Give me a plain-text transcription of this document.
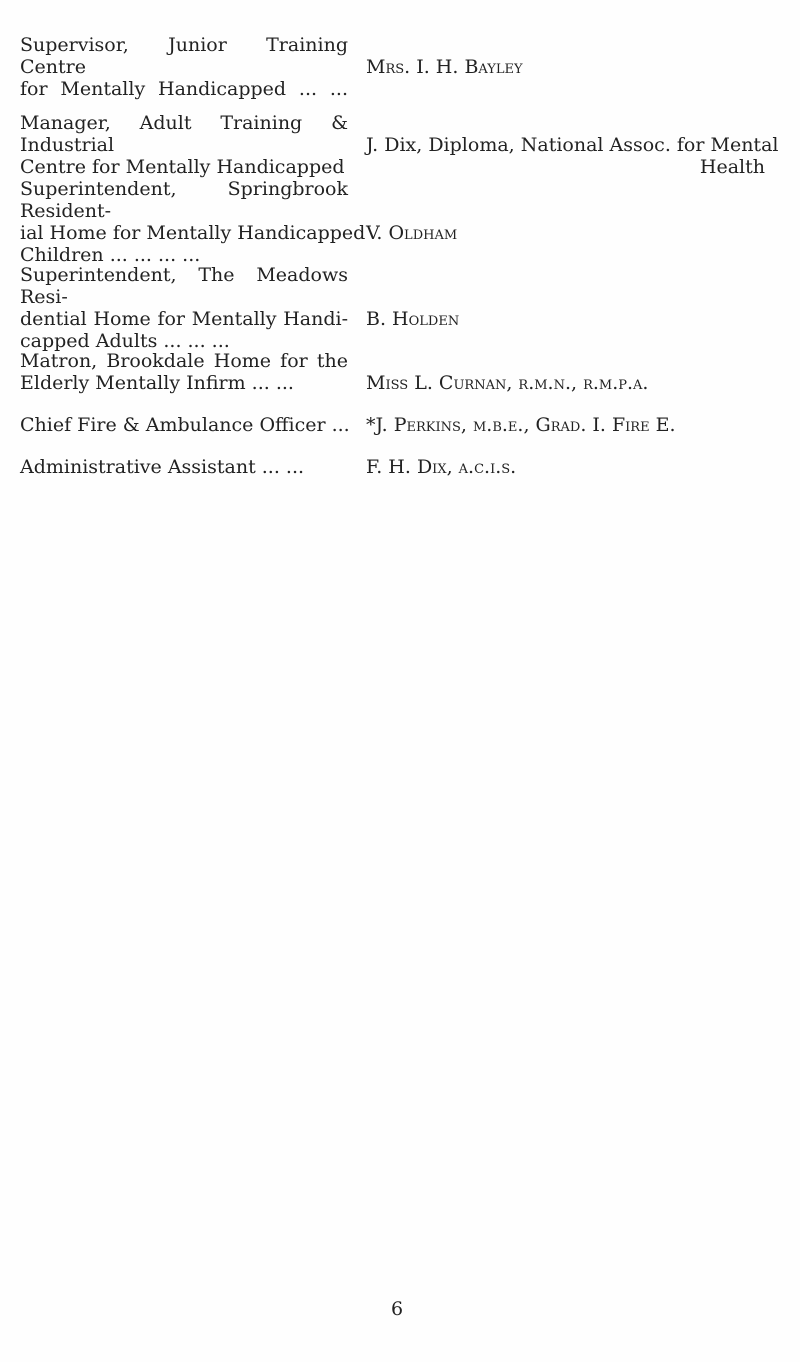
Supervisor, Junior Training Centre
for Mentally Handicapped ... ...
Mrs. I. H. Bayley
Manager, Adult Training & Industrial
Centre for Mentally Handicapped
J. Dix, Diploma, National Assoc. for Mental
Health
Superintendent, Springbrook Resident-
ial Home for Mentally Handicapped
Children ... ... ... ...
V. Oldham
Superintendent, The Meadows Resi-
dential Home for Mentally Handi-
capped Adults ... ... ...
B. Holden
Matron, Brookdale Home for the
Elderly Mentally Infirm ... ...	Miss L. Curnan, r.m.n., r.m.p.a.
Chief Fire & Ambulance Officer ... *J. Perkins, m.b.e., Grad. I. Fire E.
Administrative Assistant ... ...	F. H. Dix, a.c.i.s.
6
